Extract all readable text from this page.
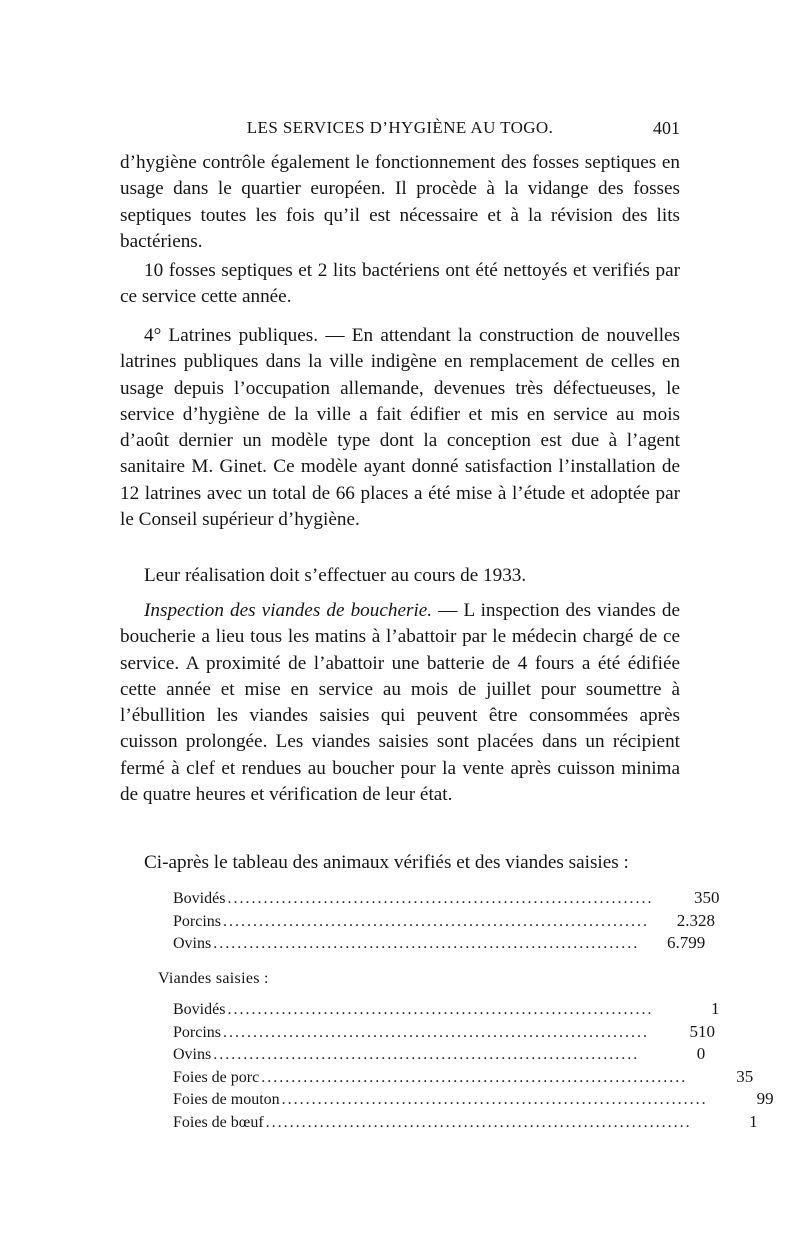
LES SERVICES D’HYGIÈNE AU TOGO.	401

d’hygiène contrôle également le fonctionnement des fosses septiques en usage dans le quartier européen. Il procède à la vidange des fosses septiques toutes les fois qu’il est nécessaire et à la révision des lits bactériens.

10 fosses septiques et 2 lits bactériens ont été nettoyés et verifiés par ce service cette année.

4° Latrines publiques. — En attendant la construction de nouvelles latrines publiques dans la ville indigène en remplacement de celles en usage depuis l’occupation allemande, devenues très défectueuses, le service d’hygiène de la ville a fait édifier et mis en service au mois d’août dernier un modèle type dont la conception est due à l’agent sanitaire M. Ginet. Ce modèle ayant donné satisfaction l’installation de 12 latrines avec un total de 66 places a été mise à l’étude et adoptée par le Conseil supérieur d’hygiène.

Leur réalisation doit s’effectuer au cours de 1933.

Inspection des viandes de boucherie. — L inspection des viandes de boucherie a lieu tous les matins à l’abattoir par le médecin chargé de ce service. A proximité de l’abattoir une batterie de 4 fours a été édifiée cette année et mise en service au mois de juillet pour soumettre à l’ébullition les viandes saisies qui peuvent être consommées après cuisson prolongée. Les viandes saisies sont placées dans un récipient fermé à clef et rendues au boucher pour la vente après cuisson minima de quatre heures et vérification de leur état.

Ci-après le tableau des animaux vérifiés et des viandes saisies :

Bovidés .......................................................................	350
Porcins .......................................................................	2.328
Ovins .......................................................................	6.799
Viandes saisies :
Bovidés .......................................................................	1
Porcins .......................................................................	510
Ovins .......................................................................	0
Foies de porc .......................................................................	35
Foies de mouton .......................................................................	99
Foies de bœuf .......................................................................	1
